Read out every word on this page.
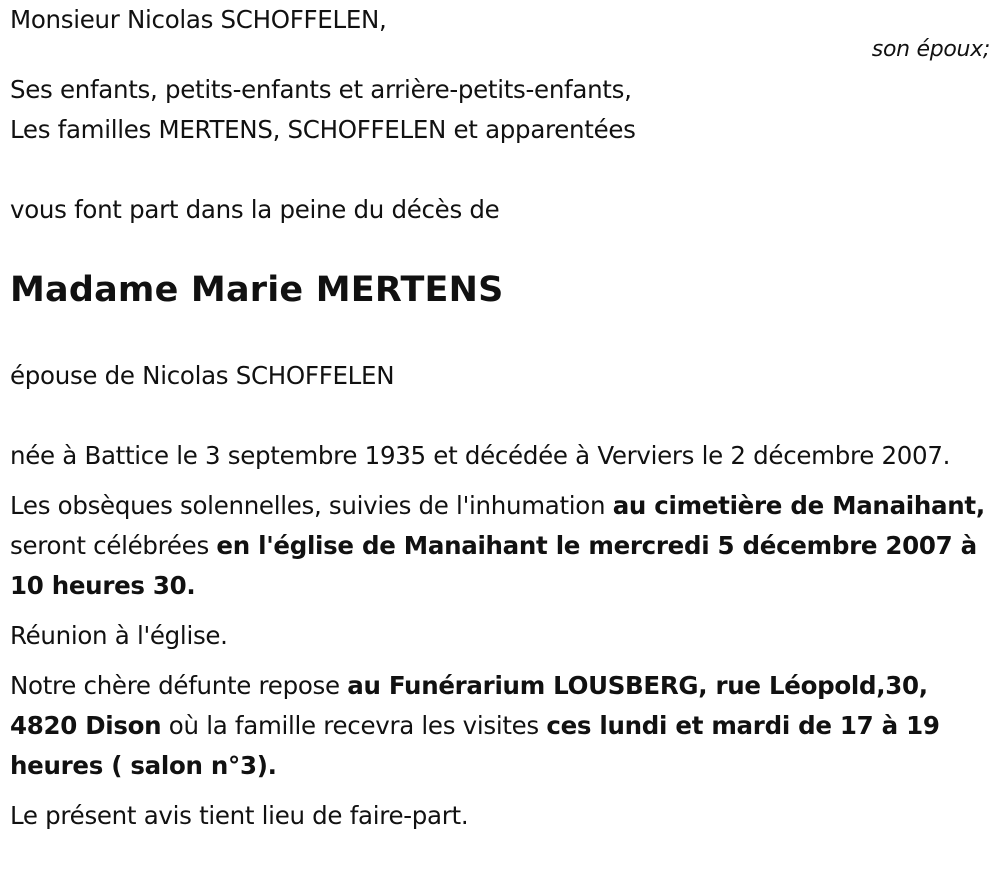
son époux;

Monsieur Nicolas SCHOFFELEN,

Ses enfants, petits-enfants et arrière-petits-enfants,

Les familles MERTENS, SCHOFFELEN et apparentées

vous font part dans la peine du décès de

Madame Marie MERTENS

épouse de Nicolas SCHOFFELEN

née à Battice le 3 septembre 1935 et décédée à Verviers le 2 décembre 2007.

Les obsèques solennelles, suivies de l'inhumation au cimetière de Manaihant, seront célébrées en l'église de Manaihant le mercredi 5 décembre 2007 à 10 heures 30.

Réunion à l'église.

Notre chère défunte repose au Funérarium LOUSBERG, rue Léopold,30, 4820 Dison où la famille recevra les visites ces lundi et mardi de 17 à 19 heures ( salon n°3).

Le présent avis tient lieu de faire-part.
